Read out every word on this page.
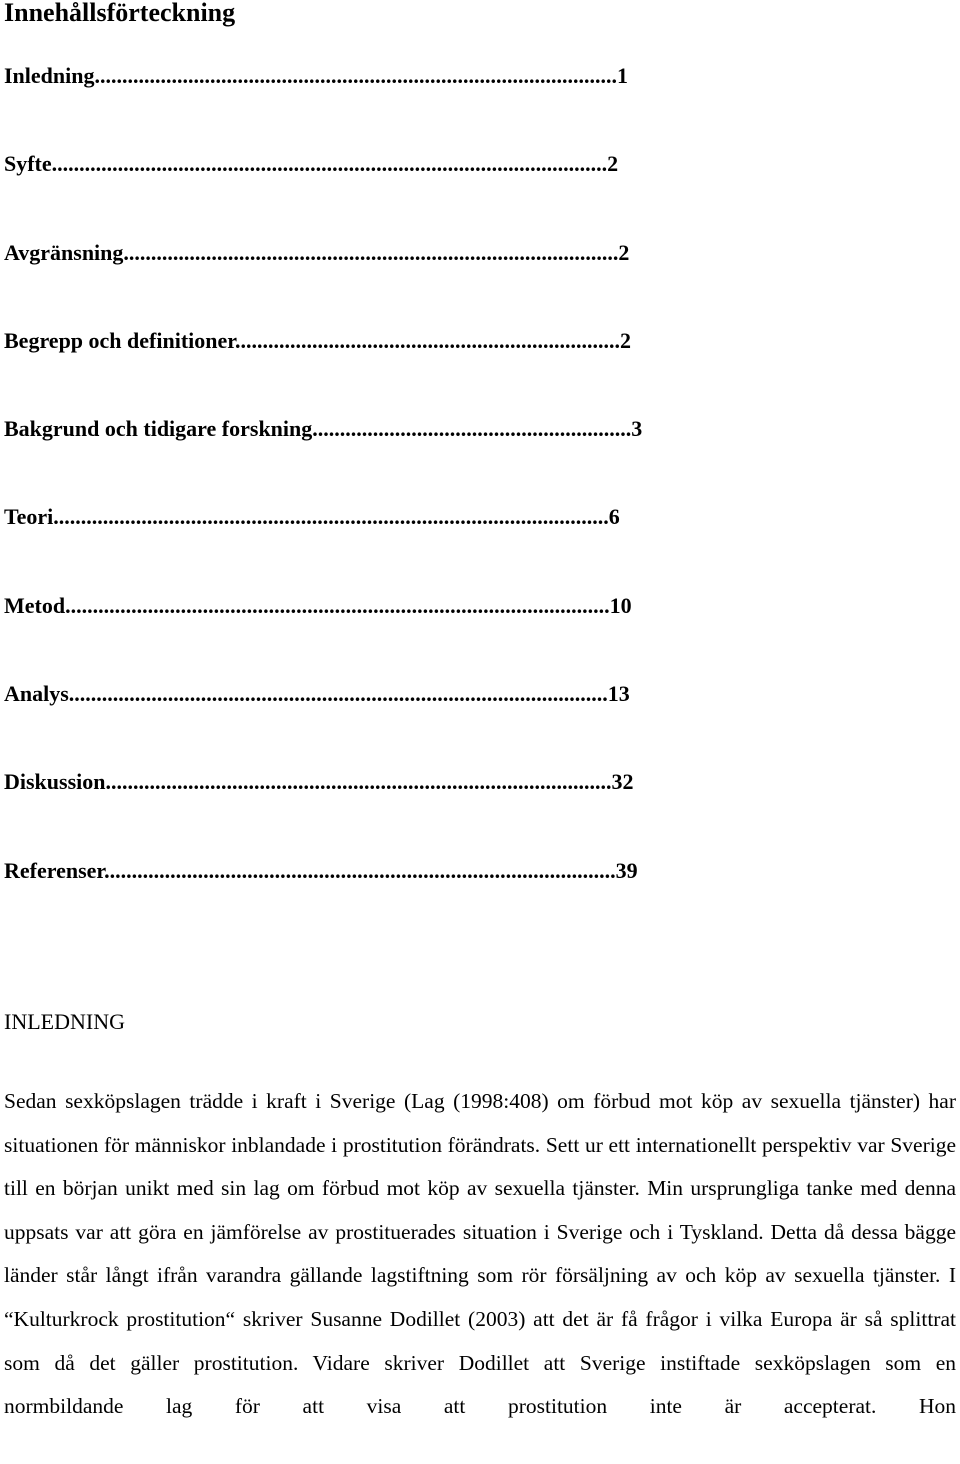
Innehållsförteckning
Inledning...............................................................................................1
Syfte.....................................................................................................2
Avgränsning..........................................................................................2
Begrepp och definitioner......................................................................2
Bakgrund och tidigare forskning..........................................................3
Teori.....................................................................................................6
Metod...................................................................................................10
Analys..................................................................................................13
Diskussion............................................................................................32
Referenser.............................................................................................39
INLEDNING

Sedan sexköpslagen trädde i kraft i Sverige (Lag (1998:408) om förbud mot köp av sexuella tjänster) har situationen för människor inblandade i prostitution förändrats. Sett ur ett internationellt perspektiv var Sverige till en början unikt med sin lag om förbud mot köp av sexuella tjänster. Min ursprungliga tanke med denna uppsats var att göra en jämförelse av prostituerades situation i Sverige och i Tyskland. Detta då dessa bägge länder står långt ifrån varandra gällande lagstiftning som rör försäljning av och köp av sexuella tjänster. I “Kulturkrock prostitution“ skriver Susanne Dodillet (2003) att det är få frågor i vilka Europa är så splittrat som då det gäller prostitution. Vidare skriver Dodillet att Sverige instiftade sexköpslagen som en normbildande lag för att visa att prostitution inte är accepterat. Hon
